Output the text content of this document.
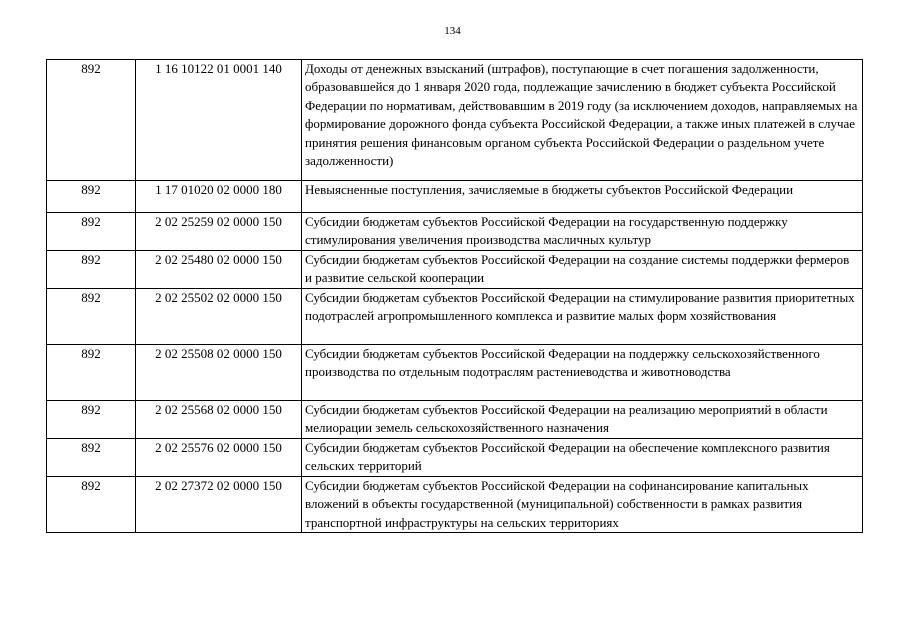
134
892	1 16 10122 01 0001 140	Доходы от денежных взысканий (штрафов), поступающие в счет погашения задолженности, образовавшейся до 1 января 2020 года, подлежащие зачислению в бюджет субъекта Российской Федерации по нормативам, действовавшим в 2019 году (за исключением доходов, направляемых на формирование дорожного фонда субъекта Российской Федерации, а также иных платежей в случае принятия решения финансовым органом субъекта Российской Федерации о раздельном учете задолженности)
892	1 17 01020 02 0000 180	Невыясненные поступления, зачисляемые в бюджеты субъектов Российской Федерации
892	2 02 25259 02 0000 150	Субсидии бюджетам субъектов Российской Федерации на государственную поддержку стимулирования увеличения производства масличных культур
892	2 02 25480 02 0000 150	Субсидии бюджетам субъектов Российской Федерации на создание системы поддержки фермеров и развитие сельской кооперации
892	2 02 25502 02 0000 150	Субсидии бюджетам субъектов Российской Федерации на стимулирование развития приоритетных подотраслей агропромышленного комплекса и развитие малых форм хозяйствования
892	2 02 25508 02 0000 150	Субсидии бюджетам субъектов Российской Федерации на поддержку сельскохозяйственного производства по отдельным подотраслям растениеводства и животноводства
892	2 02 25568 02 0000 150	Субсидии бюджетам субъектов Российской Федерации на реализацию мероприятий в области мелиорации земель сельскохозяйственного назначения
892	2 02 25576 02 0000 150	Субсидии бюджетам субъектов Российской Федерации на обеспечение комплексного развития сельских территорий
892	2 02 27372 02 0000 150	Субсидии бюджетам субъектов Российской Федерации на софинансирование капитальных вложений в объекты государственной (муниципальной) собственности в рамках развития транспортной инфраструктуры на сельских территориях
